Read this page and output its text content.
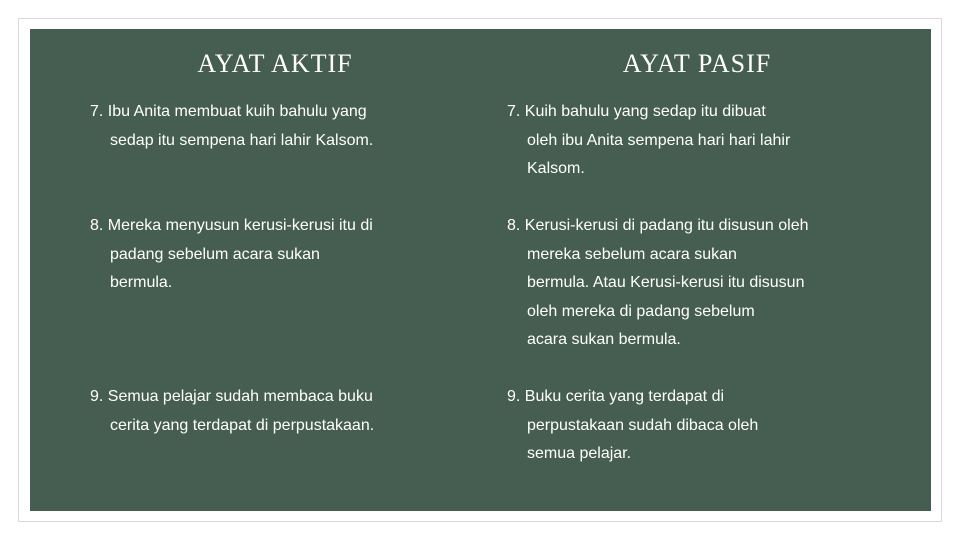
AYAT AKTIF
7. Ibu Anita membuat kuih bahulu yang
sedap itu sempena hari lahir Kalsom.
8. Mereka menyusun kerusi-kerusi itu di
padang sebelum acara sukan
bermula.
9. Semua pelajar sudah membaca buku
cerita yang terdapat di perpustakaan.
AYAT PASIF
7. Kuih bahulu yang sedap itu dibuat
oleh ibu Anita sempena hari hari lahir
Kalsom.
8. Kerusi-kerusi di padang itu disusun oleh
mereka sebelum acara sukan
bermula. Atau Kerusi-kerusi itu disusun
oleh mereka di padang sebelum
acara sukan bermula.
9. Buku cerita yang terdapat di
perpustakaan sudah dibaca oleh
semua pelajar.
